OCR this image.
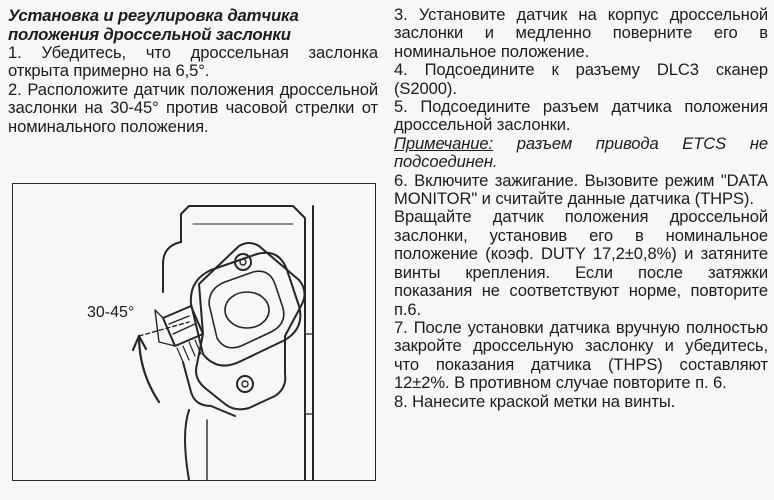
Установка и регулировка датчика положения дроссельной заслонки
1. Убедитесь, что дроссельная заслонка открыта примерно на 6,5°.
2. Расположите датчик положения дроссельной заслонки на 30-45° против часовой стрелки от номинального положения.
30-45°
3. Установите датчик на корпус дроссельной заслонки и медленно поверните его в номинальное положение.
4. Подсоедините к разъему DLC3 сканер (S2000).
5. Подсоедините разъем датчика положения дроссельной заслонки.
Примечание: разъем привода ETCS не подсоединен.
6. Включите зажигание. Вызовите режим "DATA MONITOR" и считайте данные датчика (THPS).
Вращайте датчик положения дроссельной заслонки, установив его в номинальное положение (коэф. DUTY 17,2±0,8%) и затяните винты крепления. Если после затяжки показания не соответствуют норме, повторите п.6.
7. После установки датчика вручную полностью закройте дроссельную заслонку и убедитесь, что показания датчика (THPS) составляют 12±2%. В противном случае повторите п. 6.
8. Нанесите краской метки на винты.
